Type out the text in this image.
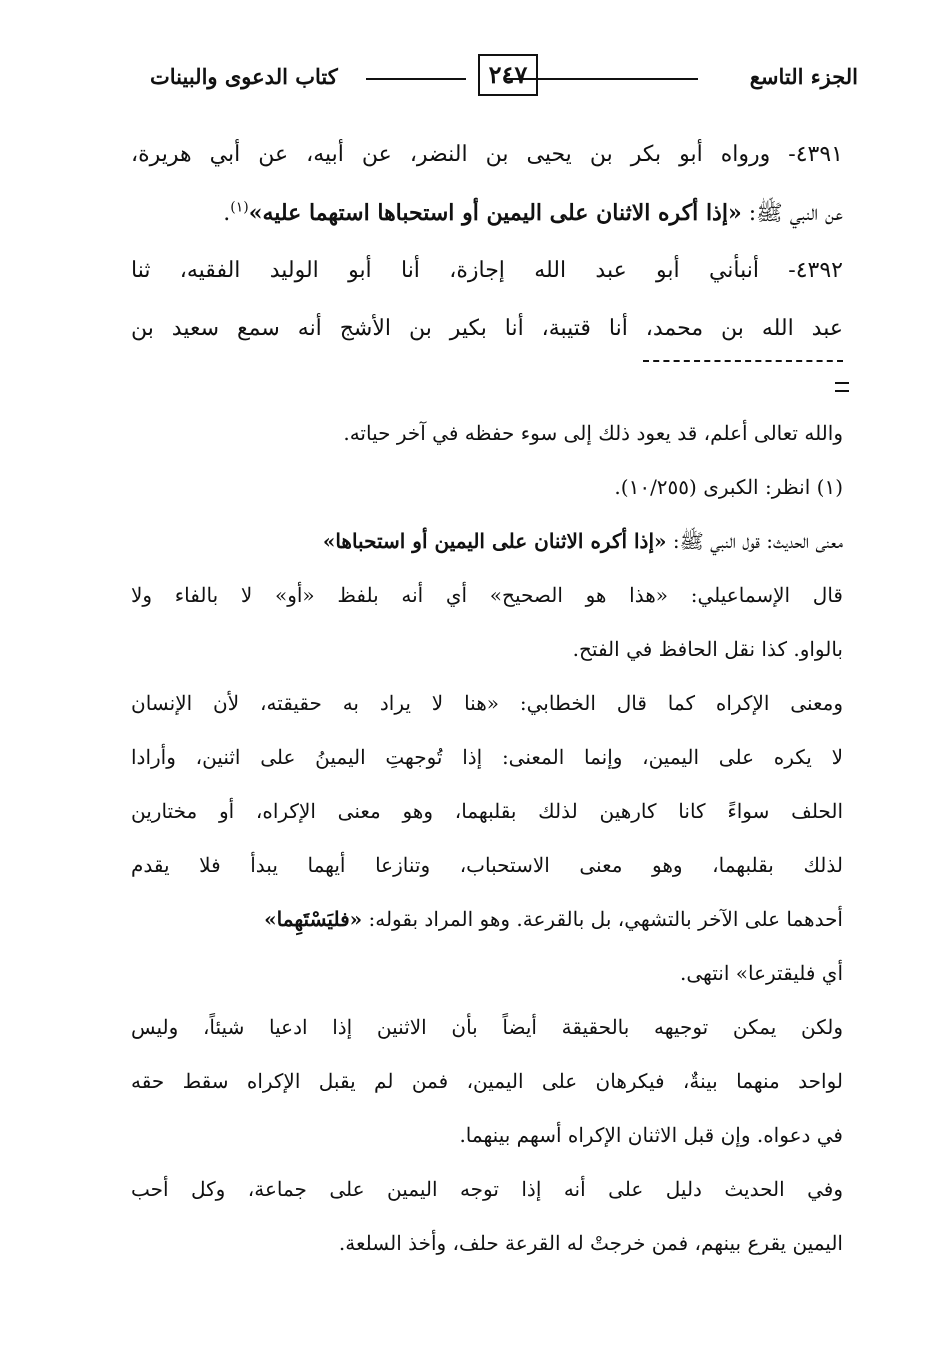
الجزء التاسع
٢٤٧
كتاب الدعوى والبينات
٤٣٩١- ورواه أبو بكر بن يحيى بن النضر، عن أبيه، عن أبي هريرة،
عن النبي ﷺ: «إذا أكره الاثنان على اليمين أو استحباها استهما عليه»$^{(١)}$.
٤٣٩٢- أنبأني أبو عبد الله إجازة، أنا أبو الوليد الفقيه، ثنا
عبد الله بن محمد، أنا قتيبة، أنا بكير بن الأشج أنه سمع سعيد بن
والله تعالى أعلم، قد يعود ذلك إلى سوء حفظه في آخر حياته.
(١) انظر: الكبرى (١٠/٢٥٥).
معنى الحديث: قول النبي ﷺ: «إذا أكره الاثنان على اليمين أو استحباها»
قال الإسماعيلي: «هذا هو الصحيح» أي أنه بلفظ «أو» لا بالفاء ولا
بالواو. كذا نقل الحافظ في الفتح.
ومعنى الإكراه كما قال الخطابي: «هنا لا يراد به حقيقته، لأن الإنسان
لا يكره على اليمين، وإنما المعنى: إذا تُوجهتِ اليمينُ على اثنين، وأرادا
الحلف سواءً كانا كارهين لذلك بقلبهما، وهو معنى الإكراه، أو مختارين
لذلك بقلبهما، وهو معنى الاستحباب، وتنازعا أيهما يبدأ فلا يقدم
أحدهما على الآخر بالتشهي، بل بالقرعة. وهو المراد بقوله: «فليَسْتَهِما»
أي فليقترعا» انتهى.
ولكن يمكن توجيهه بالحقيقة أيضاً بأن الاثنين إذا ادعيا شيئاً، وليس
لواحد منهما بينةٌ، فيكرهان على اليمين، فمن لم يقبل الإكراه سقط حقه
في دعواه. وإن قبل الاثنان الإكراه أسهم بينهما.
وفي الحديث دليل على أنه إذا توجه اليمين على جماعة، وكل أحب
اليمين يقرع بينهم، فمن خرجتْ له القرعة حلف، وأخذ السلعة.
